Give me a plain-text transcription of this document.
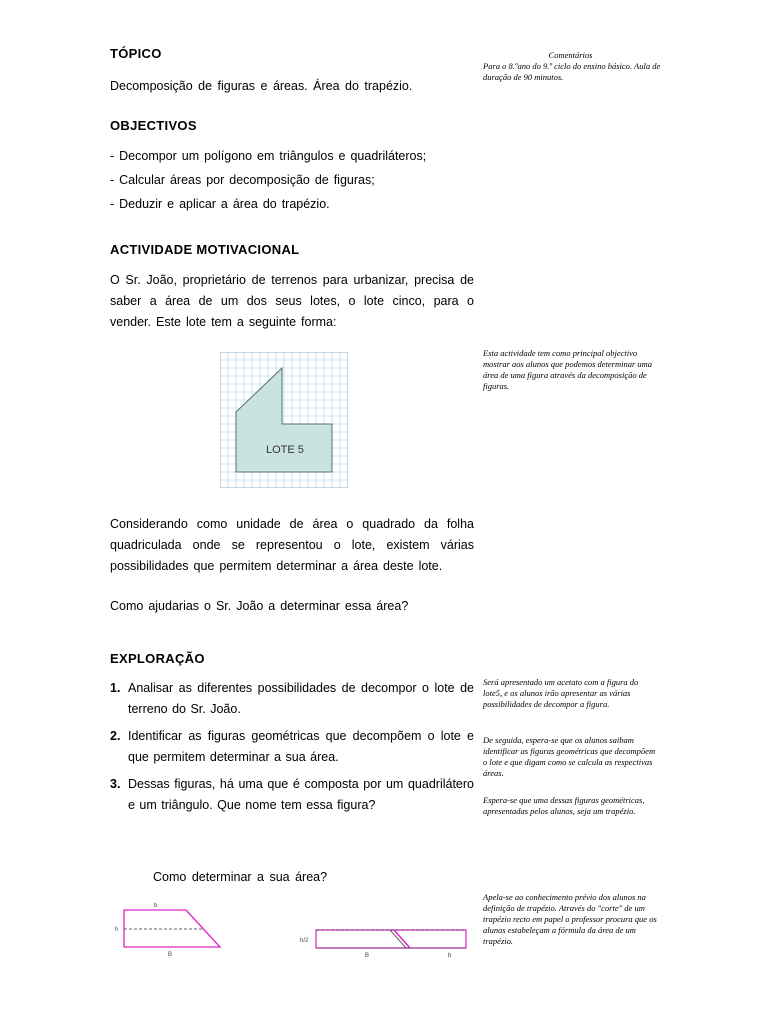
TÓPICO
Decomposição de figuras e áreas. Área do trapézio.
Comentários
Para o 8.ºano do 9.º ciclo do ensino básico. Aula de duração de 90 minutos.
OBJECTIVOS
- Decompor um polígono em triângulos e quadriláteros;
- Calcular áreas por decomposição de figuras;
- Deduzir e aplicar a área do trapézio.
ACTIVIDADE MOTIVACIONAL
O Sr. João, proprietário de terrenos para urbanizar, precisa de saber a área de um dos seus lotes, o lote cinco, para o vender. Este lote tem a seguinte forma:
LOTE 5
Esta actividade tem como principal objectivo mostrar aos alunos que podemos determinar uma área de uma figura através da decomposição de figuras.
Considerando como unidade de área o quadrado da folha quadriculada onde se representou o lote, existem várias possibilidades que permitem determinar a área deste lote.
Como ajudarias o Sr. João a determinar essa área?
EXPLORAÇÃO
1. Analisar as diferentes possibilidades de decompor o lote de terreno do Sr. João.
2. Identificar as figuras geométricas que decompõem o lote e que permitem determinar a sua área.
3. Dessas figuras, há uma que é composta por um quadrilátero e um triângulo. Que nome tem essa figura?
Será apresentado um acetato com a figura do lote5, e os alunos irão apresentar as várias possibilidades de decompor a figura.
De seguida, espera-se que os alunos saibam identificar as figuras geométricas que decompõem o lote e que digam como se calcula as respectivas áreas.
Espera-se que uma dessas figuras geométricas, apresentadas pelos alunos, seja um trapézio.
Como determinar a sua área?
b
h
B
h/2
B	b
Apela-se ao conhecimento prévio dos alunos na definição de trapézio. Através do "corte" de um trapézio recto em papel o professor procura que os alunos estabeleçam a fórmula da área de um trapézio.
